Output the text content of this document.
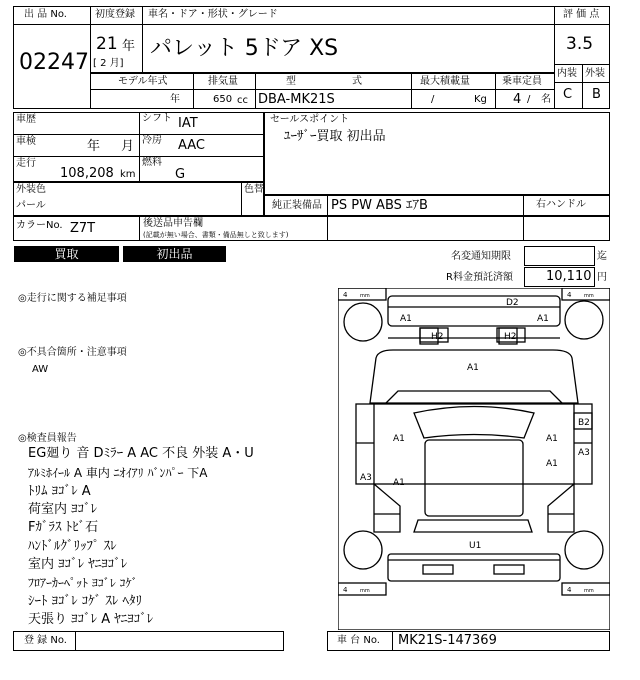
出 品 No.
02247
初度登録 車名・ドア・形状・グレード
21 年
[ 2 月]
パレット 5ドア XS
評 価 点
3.5
内装 外装
C B
モデル年式
年
排気量
650 cc
型	式
DBA-MK21S
最大積載量
/	Kg
乗車定員
4 / 名
車歴
車検	年 月
走行
108,208 km
シフト IAT
冷房 AAC
燃料
G
セールスポイント
ﾕｰｻﾞｰ買取 初出品
外装色
パール
色替
純正装備品 PS PW ABS ｴｱB	右ハンドル
カラーNo. Z7T	後送品申告欄
(記載が無い場合、書類・備品無しと致します)
買取	初出品	名変通知期限	迄
R料金預託済額	10,110 円
◎走行に関する補足事項
◎不具合箇所・注意事項
AW
◎検査員報告
EG廻り 音 Dﾐﾗｰ A AC 不良 外装 A・U
ｱﾙﾐﾎｲｰﾙ A 車内 ﾆｵｲｱﾘ ﾊﾞﾝﾊﾟｰ 下A
ﾄﾘﾑ ﾖｺﾞﾚ A
荷室内 ﾖｺﾞﾚ
Fｶﾞﾗｽ ﾄﾋﾞ石
ﾊﾝﾄﾞﾙｸﾞﾘｯﾌﾟ ｽﾚ
室内 ﾖｺﾞﾚ ﾔﾆﾖｺﾞﾚ
ﾌﾛｱｰｶｰﾍﾟｯﾄ ﾖｺﾞﾚ ｺｹﾞ
ｼｰﾄ ﾖｺﾞﾚ ｺｹﾞ ｽﾚ ﾍﾀﾘ
天張り ﾖｺﾞﾚ A ﾔﾆﾖｺﾞﾚ
4	mm	4	mm
4	mm	4	mm
D2
A1	A1
H2	H2
A1
A1	A1
B2
A3
A1
A3 A1
U1
登 録 No.	車 台 No. MK21S-147369
